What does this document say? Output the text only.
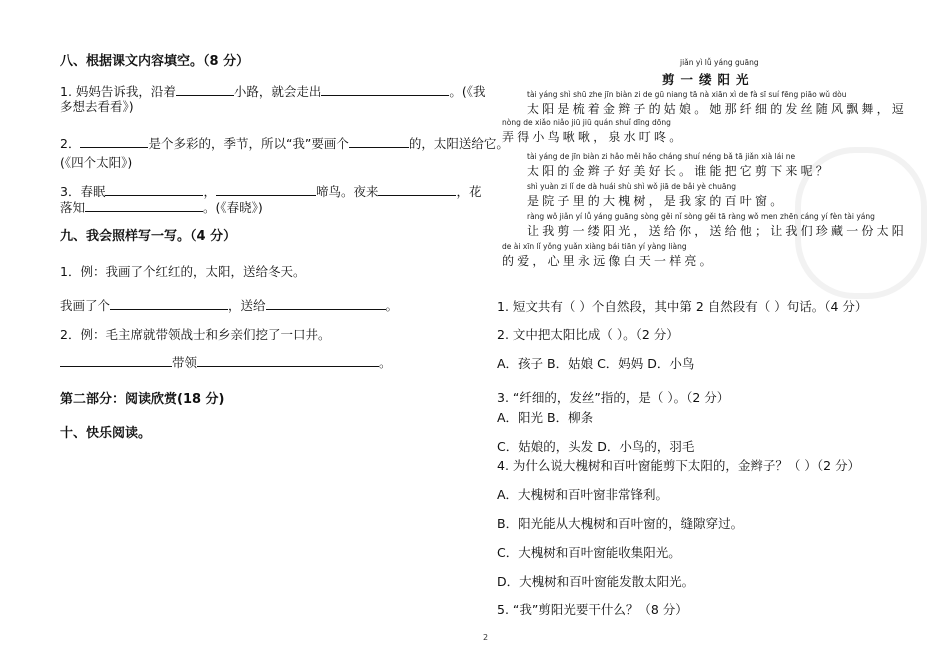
八、根据课文内容填空。（8 分）
1. 妈妈告诉我，沿着	小路，就会走出	。(《我
多想去看看》)
2．	是个多彩的，季节，所以“我”要画个	的，太阳送给它。
(《四个太阳》)
3．春眠	，	啼鸟。夜来	，花
落知	。(《春晓》)
九、我会照样写一写。（4 分）
1．例：我画了个红红的，太阳，送给冬天。
我画了个	，送给	。
2．例：毛主席就带领战士和乡亲们挖了一口井。
带领	。
第二部分：阅读欣赏(18 分)
十、快乐阅读。
jiǎn yì lǚ yáng guāng
剪一缕阳光
tài yáng shì shū zhe jīn biàn zi de gū niang tā nà xiān xì de fà sī suí fēng piāo wǔ dòu
太阳是梳着金辫子的姑娘。她那纤细的发丝随风飘舞，逗
nòng de xiǎo niǎo jiū jiū quán shuǐ dīng dōng
弄得小鸟啾啾，泉水叮咚。
tài yáng de jīn biàn zi hǎo měi hǎo cháng shuí néng bǎ tā jiǎn xià lái ne
太阳的金辫子好美好长。谁能把它剪下来呢？
shì yuàn zi lǐ de dà huái shù shì wǒ jiā de bǎi yè chuāng
是院子里的大槐树，是我家的百叶窗。
ràng wǒ jiǎn yí lǚ yáng guāng sòng gěi nǐ sòng gěi tā ràng wǒ men zhēn cáng yí fèn tài yáng
让我剪一缕阳光，送给你，送给他；让我们珍藏一份太阳
de ài xīn lǐ yǒng yuǎn xiàng bái tiān yí yàng liàng
的爱，心里永远像白天一样亮。
1. 短文共有（ ）个自然段，其中第 2 自然段有（ ）句话。（4 分）
2. 文中把太阳比成（ ）。（2 分）
A．孩子 B．姑娘 C．妈妈 D．小鸟
3. “纤细的，发丝”指的，是（ ）。（2 分）
A．阳光 B．柳条
C．姑娘的，头发 D．小鸟的，羽毛
4. 为什么说大槐树和百叶窗能剪下太阳的，金辫子？（ ）（2 分）
A．大槐树和百叶窗非常锋利。
B．阳光能从大槐树和百叶窗的，缝隙穿过。
C．大槐树和百叶窗能收集阳光。
D．大槐树和百叶窗能发散太阳光。
5. “我”剪阳光要干什么？（8 分）
2
